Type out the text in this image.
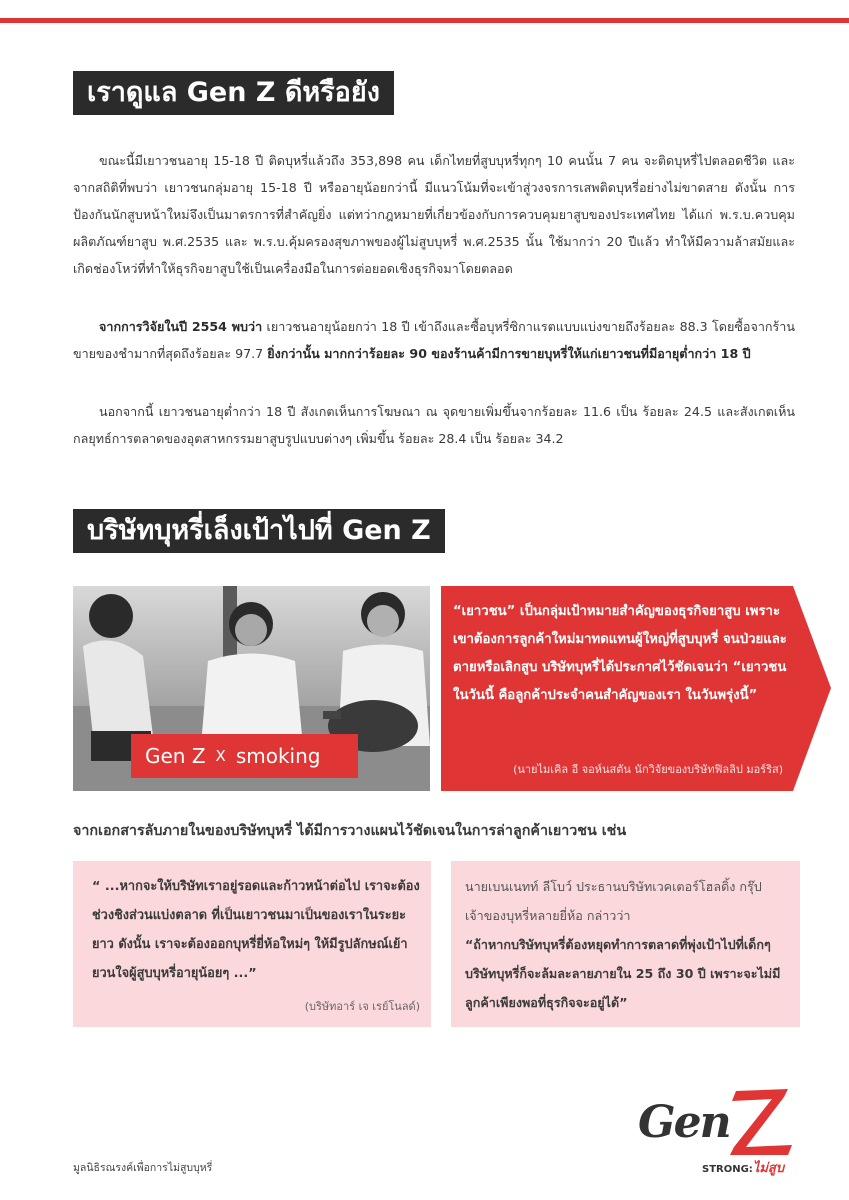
เราดูแล Gen Z ดีหรือยัง

ขณะนี้มีเยาวชนอายุ 15-18 ปี ติดบุหรี่แล้วถึง 353,898 คน เด็กไทยที่สูบบุหรี่ทุกๆ 10 คนนั้น 7 คน จะติดบุหรี่ไปตลอดชีวิต และจากสถิติที่พบว่า เยาวชนกลุ่มอายุ 15-18 ปี หรืออายุน้อยกว่านี้ มีแนวโน้มที่จะเข้าสู่วงจรการเสพติดบุหรี่อย่างไม่ขาดสาย ดังนั้น การป้องกันนักสูบหน้าใหม่จึงเป็นมาตรการที่สำคัญยิ่ง แต่ทว่ากฎหมายที่เกี่ยวข้องกับการควบคุมยาสูบของประเทศไทย ได้แก่ พ.ร.บ.ควบคุมผลิตภัณฑ์ยาสูบ พ.ศ.2535 และ พ.ร.บ.คุ้มครองสุขภาพของผู้ไม่สูบบุหรี่ พ.ศ.2535 นั้น ใช้มากว่า 20 ปีแล้ว ทำให้มีความล้าสมัยและเกิดช่องโหว่ที่ทำให้ธุรกิจยาสูบใช้เป็นเครื่องมือในการต่อยอดเชิงธุรกิจมาโดยตลอด

จากการวิจัยในปี 2554 พบว่า เยาวชนอายุน้อยกว่า 18 ปี เข้าถึงและซื้อบุหรี่ซิกาแรตแบบแบ่งขายถึงร้อยละ 88.3 โดยซื้อจากร้านขายของชำมากที่สุดถึงร้อยละ 97.7 ยิ่งกว่านั้น มากกว่าร้อยละ 90 ของร้านค้ามีการขายบุหรี่ให้แก่เยาวชนที่มีอายุต่ำกว่า 18 ปี

นอกจากนี้ เยาวชนอายุต่ำกว่า 18 ปี สังเกตเห็นการโฆษณา ณ จุดขายเพิ่มขึ้นจากร้อยละ 11.6 เป็น ร้อยละ 24.5 และสังเกตเห็นกลยุทธ์การตลาดของอุตสาหกรรมยาสูบรูปแบบต่างๆ เพิ่มขึ้น ร้อยละ 28.4 เป็น ร้อยละ 34.2

บริษัทบุหรี่เล็งเป้าไปที่ Gen Z
Gen Z X smoking
“เยาวชน” เป็นกลุ่มเป้าหมายสำคัญของธุรกิจยาสูบ เพราะเขาต้องการลูกค้าใหม่มาทดแทนผู้ใหญ่ที่สูบบุหรี่ จนป่วยและตายหรือเลิกสูบ บริษัทบุหรี่ได้ประกาศไว้ชัดเจนว่า “เยาวชนในวันนี้ คือลูกค้าประจำคนสำคัญของเรา ในวันพรุ่งนี้”
(นายไมเคิล อี จอห์นสตัน นักวิจัยของบริษัทฟิลลิป มอร์ริส)
จากเอกสารลับภายในของบริษัทบุหรี่ ได้มีการวางแผนไว้ชัดเจนในการล่าลูกค้าเยาวชน เช่น
“ ...หากจะให้บริษัทเราอยู่รอดและก้าวหน้าต่อไป เราจะต้องช่วงชิงส่วนแบ่งตลาด ที่เป็นเยาวชนมาเป็นของเราในระยะยาว ดังนั้น เราจะต้องออกบุหรี่ยี่ห้อใหม่ๆ ให้มีรูปลักษณ์เย้ายวนใจผู้สูบบุหรี่อายุน้อยๆ ...”
(บริษัทอาร์ เจ เรย์โนลด์)
นายเบนเนทท์ ลีโบว์ ประธานบริษัทเวคเตอร์โฮลดิ้ง กรุ๊ป เจ้าของบุหรี่หลายยี่ห้อ กล่าวว่า
“ถ้าหากบริษัทบุหรี่ต้องหยุดทำการตลาดที่พุ่งเป้าไปที่เด็กๆ บริษัทบุหรี่ก็จะล้มละลายภายใน 25 ถึง 30 ปี เพราะจะไม่มีลูกค้าเพียงพอที่ธุรกิจจะอยู่ได้”
มูลนิธิรณรงค์เพื่อการไม่สูบบุหรี่
Gen
STRONG:ไม่สูบ
